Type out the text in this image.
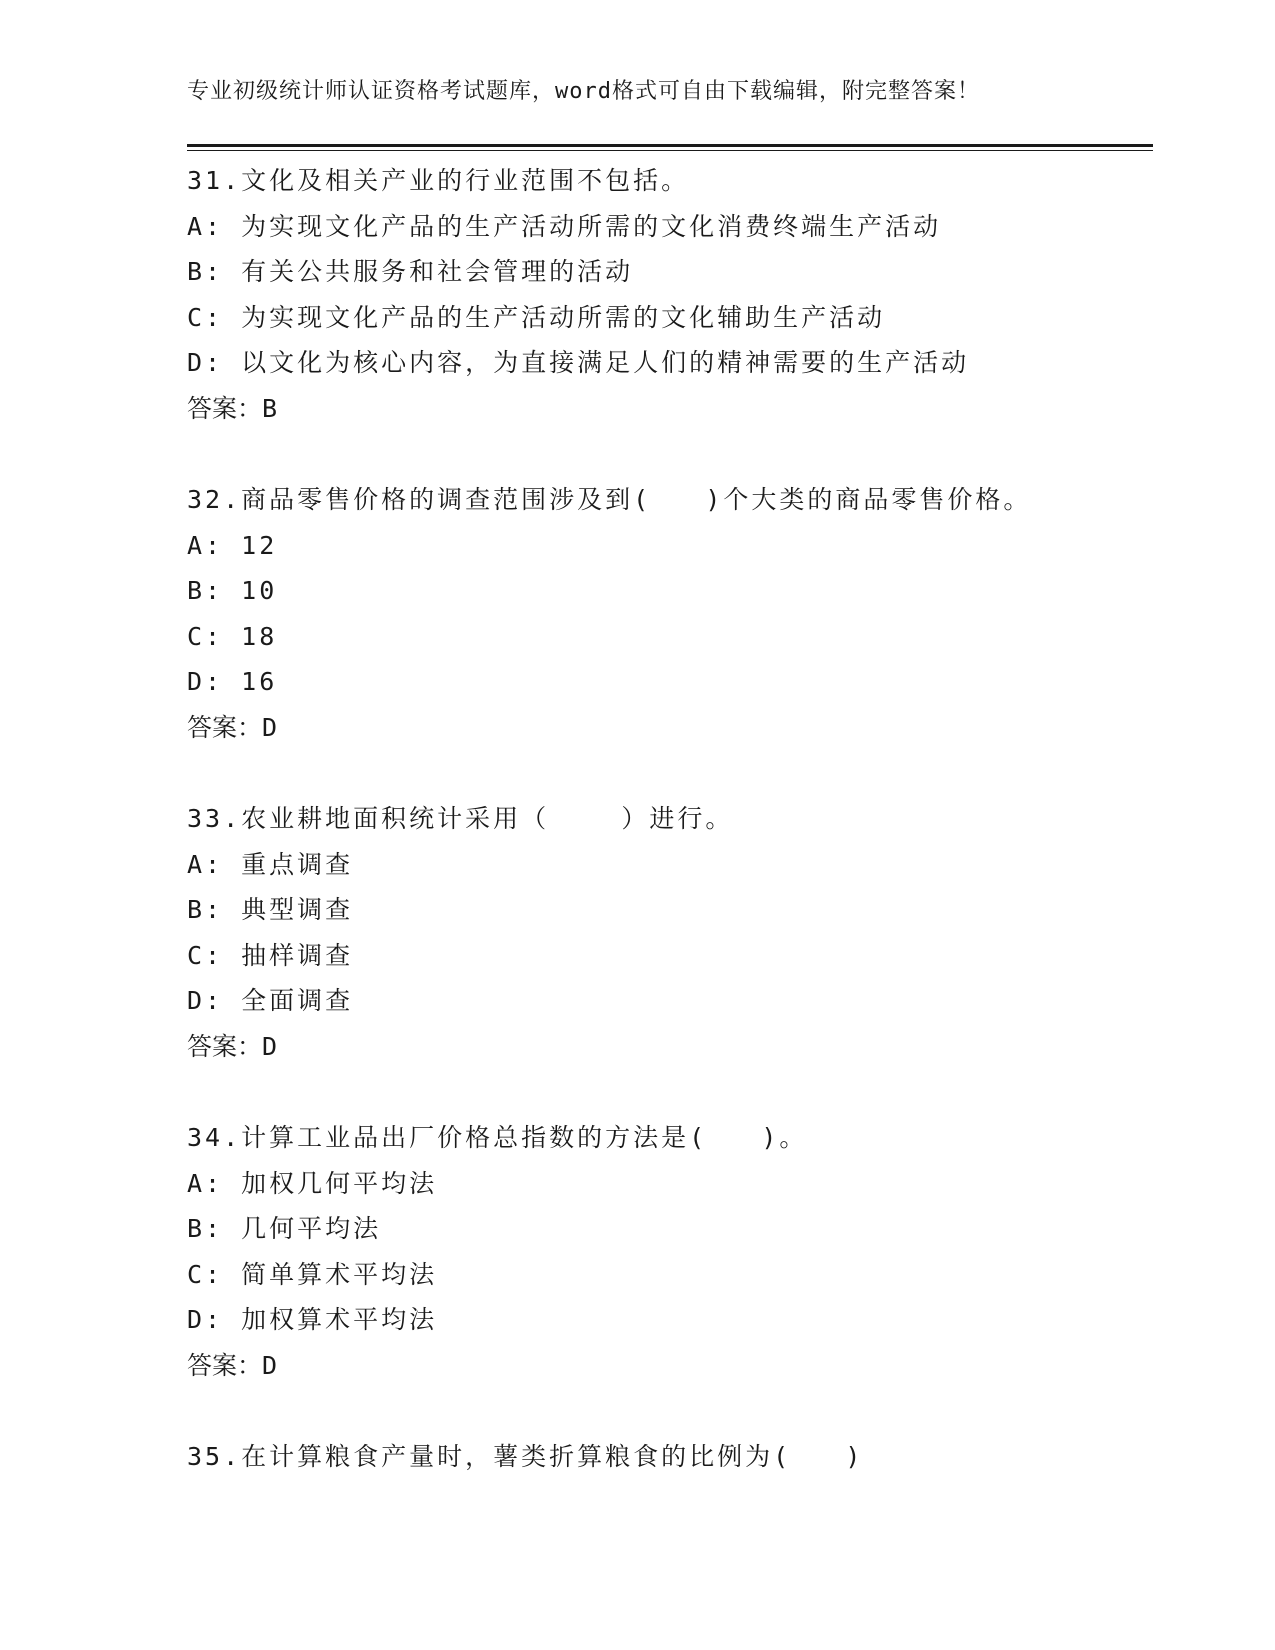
专业初级统计师认证资格考试题库，word格式可自由下载编辑，附完整答案！
31.文化及相关产业的行业范围不包括。
A: 为实现文化产品的生产活动所需的文化消费终端生产活动
B: 有关公共服务和社会管理的活动
C: 为实现文化产品的生产活动所需的文化辅助生产活动
D: 以文化为核心内容，为直接满足人们的精神需要的生产活动
答案：B
32.商品零售价格的调查范围涉及到(   )个大类的商品零售价格。
A: 12
B: 10
C: 18
D: 16
答案：D
33.农业耕地面积统计采用（    ）进行。
A: 重点调查
B: 典型调查
C: 抽样调查
D: 全面调查
答案：D
34.计算工业品出厂价格总指数的方法是(   )。
A: 加权几何平均法
B: 几何平均法
C: 简单算术平均法
D: 加权算术平均法
答案：D
35.在计算粮食产量时，薯类折算粮食的比例为(   )
